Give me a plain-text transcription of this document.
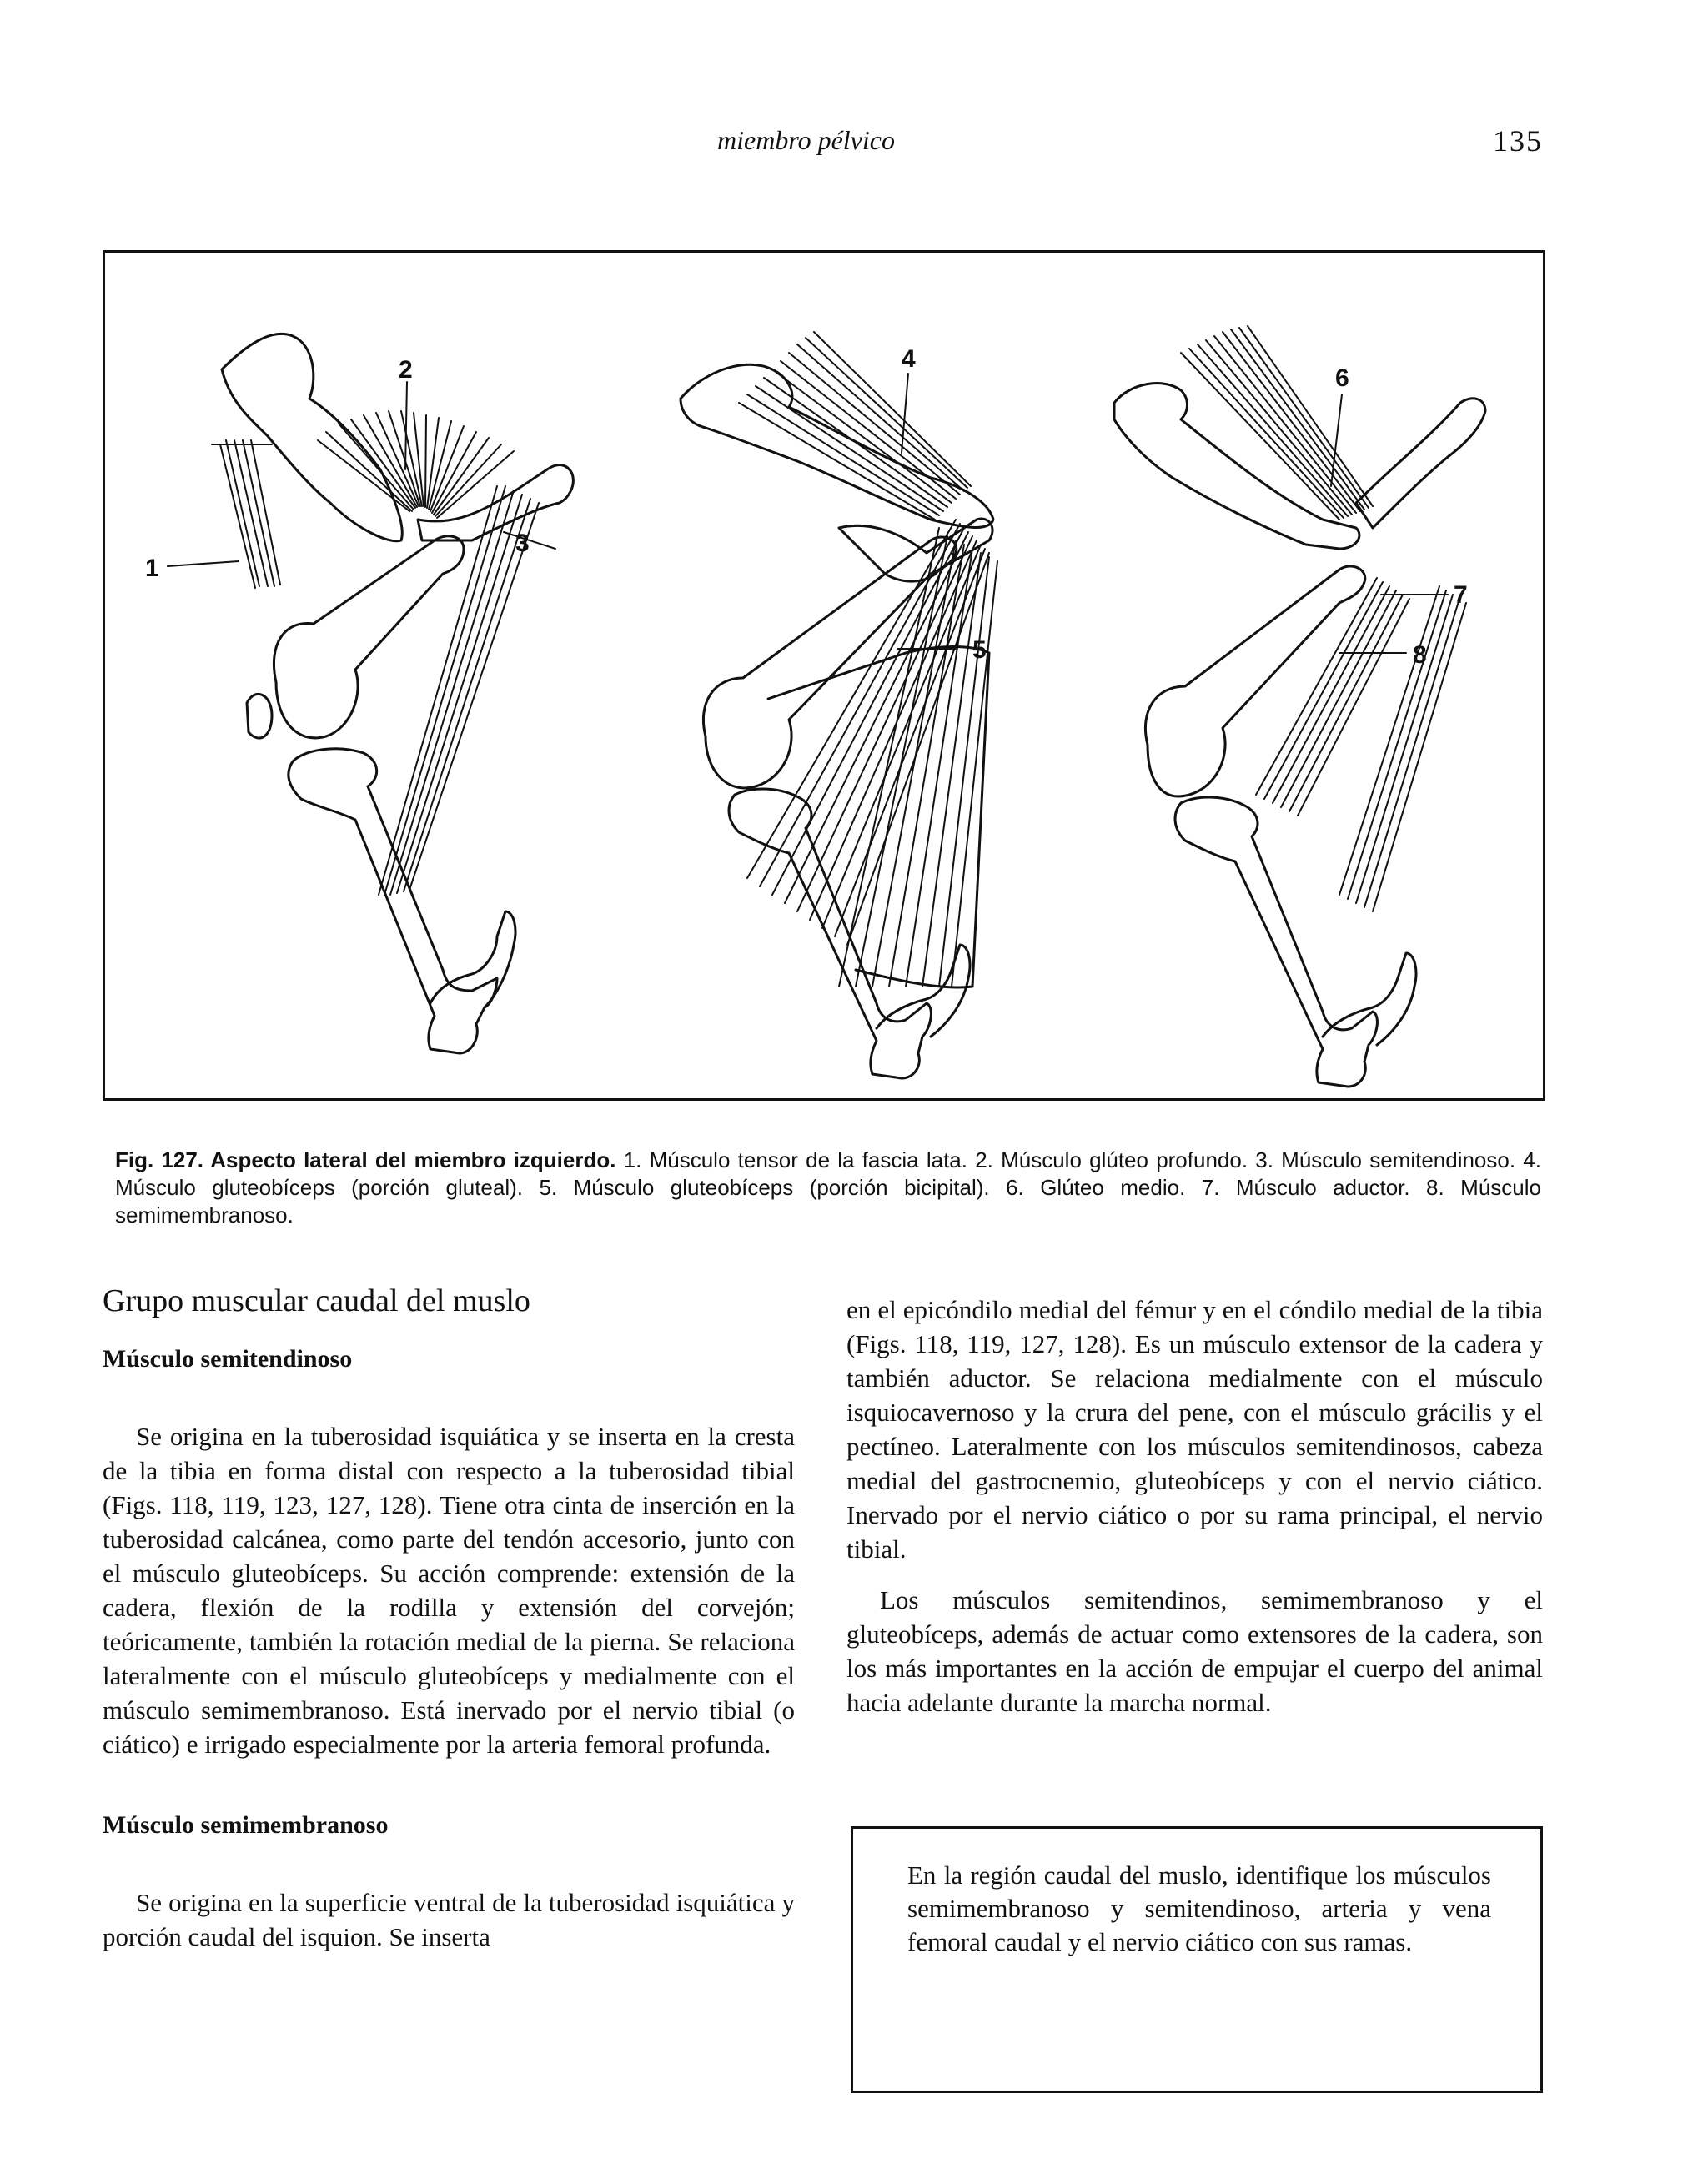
miembro pélvico	135
1
2
3
4
5
6
7
8
Fig. 127. Aspecto lateral del miembro izquierdo. 1. Músculo tensor de la fascia lata. 2. Músculo glúteo profundo. 3. Músculo semitendinoso. 4. Músculo gluteobíceps (porción gluteal). 5. Músculo gluteobíceps (porción bicipital). 6. Glúteo medio. 7. Músculo aductor. 8. Músculo semimembranoso.
Grupo muscular caudal del muslo
Músculo semitendinoso

Se origina en la tuberosidad isquiática y se inserta en la cresta de la tibia en forma distal con respecto a la tuberosidad tibial (Figs. 118, 119, 123, 127, 128). Tiene otra cinta de inserción en la tuberosidad calcánea, como parte del tendón accesorio, junto con el músculo gluteobíceps. Su acción comprende: extensión de la cadera, flexión de la rodilla y extensión del corvejón; teóricamente, también la rotación medial de la pierna. Se relaciona lateralmente con el músculo gluteobíceps y medialmente con el músculo semimembranoso. Está inervado por el nervio tibial (o ciático) e irrigado especialmente por la arteria femoral profunda.

Músculo semimembranoso

Se origina en la superficie ventral de la tuberosidad isquiática y porción caudal del isquion. Se inserta

en el epicóndilo medial del fémur y en el cóndilo medial de la tibia (Figs. 118, 119, 127, 128). Es un músculo extensor de la cadera y también aductor. Se relaciona medialmente con el músculo isquiocavernoso y la crura del pene, con el músculo grácilis y el pectíneo. Lateralmente con los músculos semitendinosos, cabeza medial del gastrocnemio, gluteobíceps y con el nervio ciático. Inervado por el nervio ciático o por su rama principal, el nervio tibial.

Los músculos semitendinos, semimembranoso y el gluteobíceps, además de actuar como extensores de la cadera, son los más importantes en la acción de empujar el cuerpo del animal hacia adelante durante la marcha normal.

En la región caudal del muslo, identifique los músculos semimembranoso y semitendinoso, arteria y vena femoral caudal y el nervio ciático con sus ramas.
